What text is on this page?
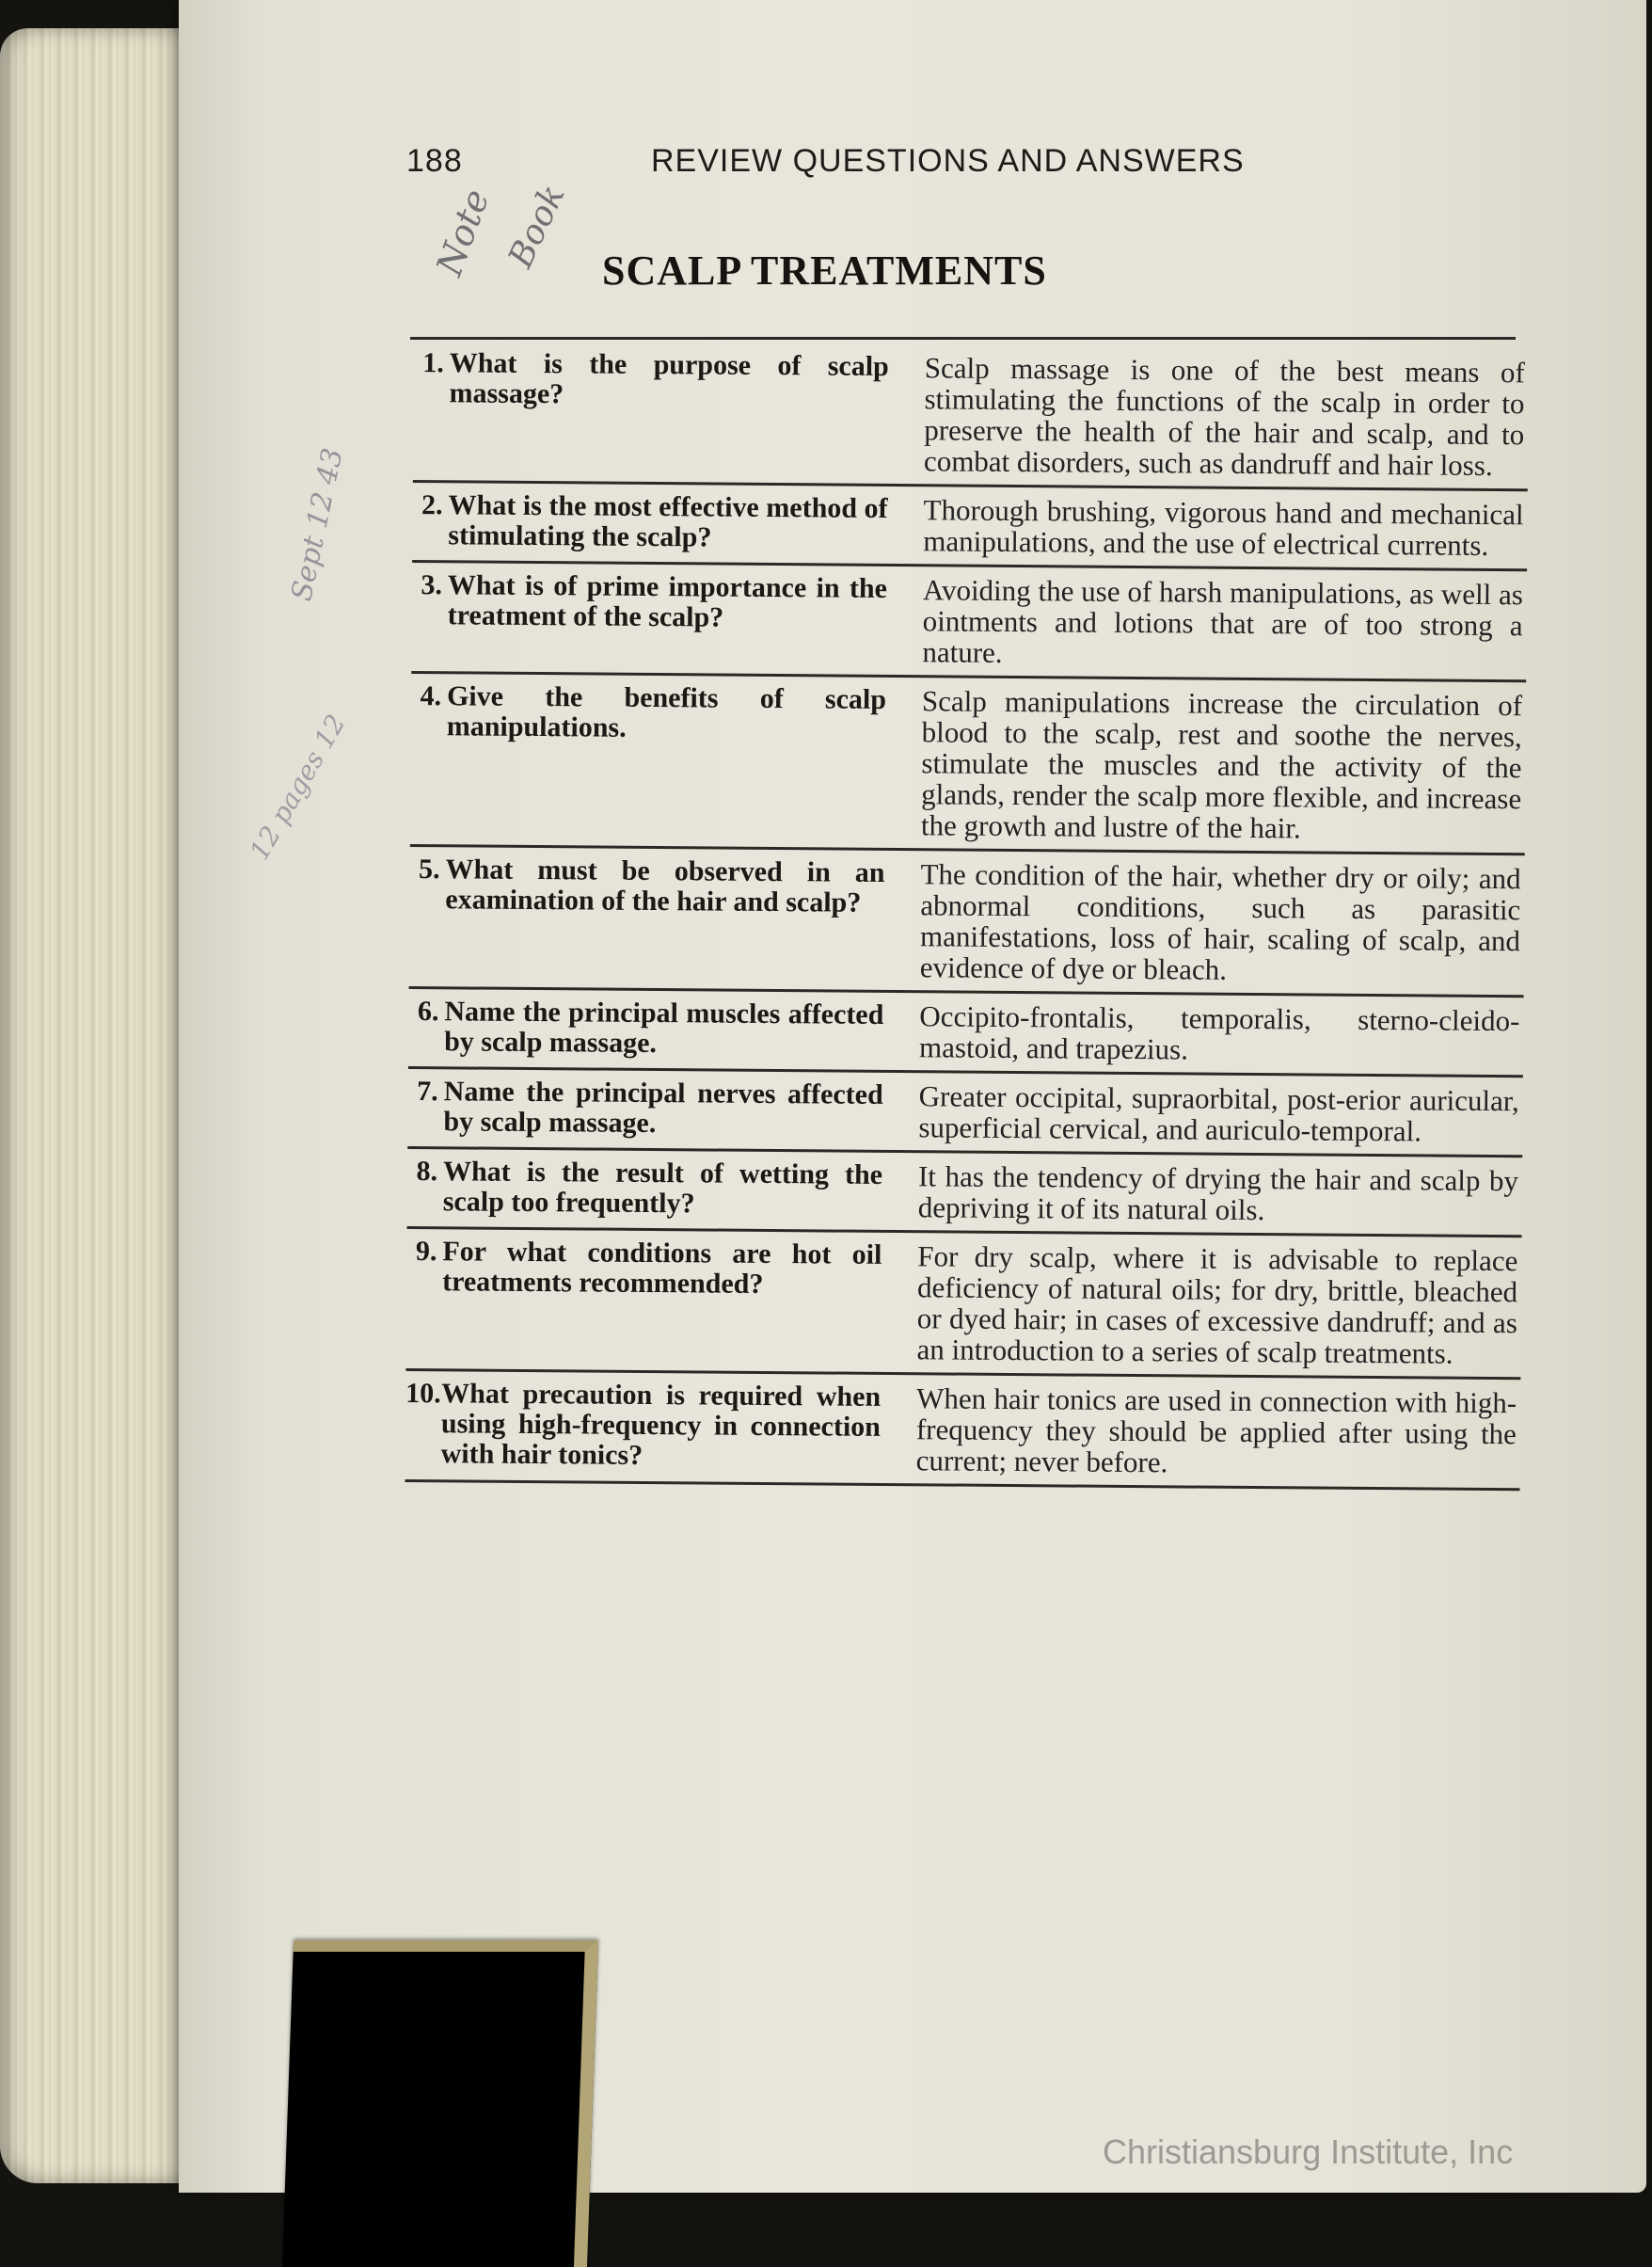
188	REVIEW QUESTIONS AND ANSWERS
Note Book
Sept 12 43
12 pages 12
SCALP TREATMENTS
1. What is the purpose of scalp massage?
Scalp massage is one of the best means of stimulating the functions of the scalp in order to preserve the health of the hair and scalp, and to combat disorders, such as dandruff and hair loss.
2. What is the most effective method of stimulating the scalp?
Thorough brushing, vigorous hand and mechanical manipulations, and the use of electrical currents.
3. What is of prime importance in the treatment of the scalp?
Avoiding the use of harsh manipulations, as well as ointments and lotions that are of too strong a nature.
4. Give the benefits of scalp manipulations.
Scalp manipulations increase the circulation of blood to the scalp, rest and soothe the nerves, stimulate the muscles and the activity of the glands, render the scalp more flexible, and increase the growth and lustre of the hair.
5. What must be observed in an examination of the hair and scalp?
The condition of the hair, whether dry or oily; and abnormal conditions, such as parasitic manifestations, loss of hair, scaling of scalp, and evidence of dye or bleach.
6. Name the principal muscles affected by scalp massage.
Occipito-frontalis, temporalis, sterno-cleido-mastoid, and trapezius.
7. Name the principal nerves affected by scalp massage.
Greater occipital, supraorbital, post-erior auricular, superficial cervical, and auriculo-temporal.
8. What is the result of wetting the scalp too frequently?
It has the tendency of drying the hair and scalp by depriving it of its natural oils.
9. For what conditions are hot oil treatments recommended?
For dry scalp, where it is advisable to replace deficiency of natural oils; for dry, brittle, bleached or dyed hair; in cases of excessive dandruff; and as an introduction to a series of scalp treatments.
10. What precaution is required when using high-frequency in connection with hair tonics?
When hair tonics are used in connection with high-frequency they should be applied after using the current; never before.
Christiansburg Institute, Inc
